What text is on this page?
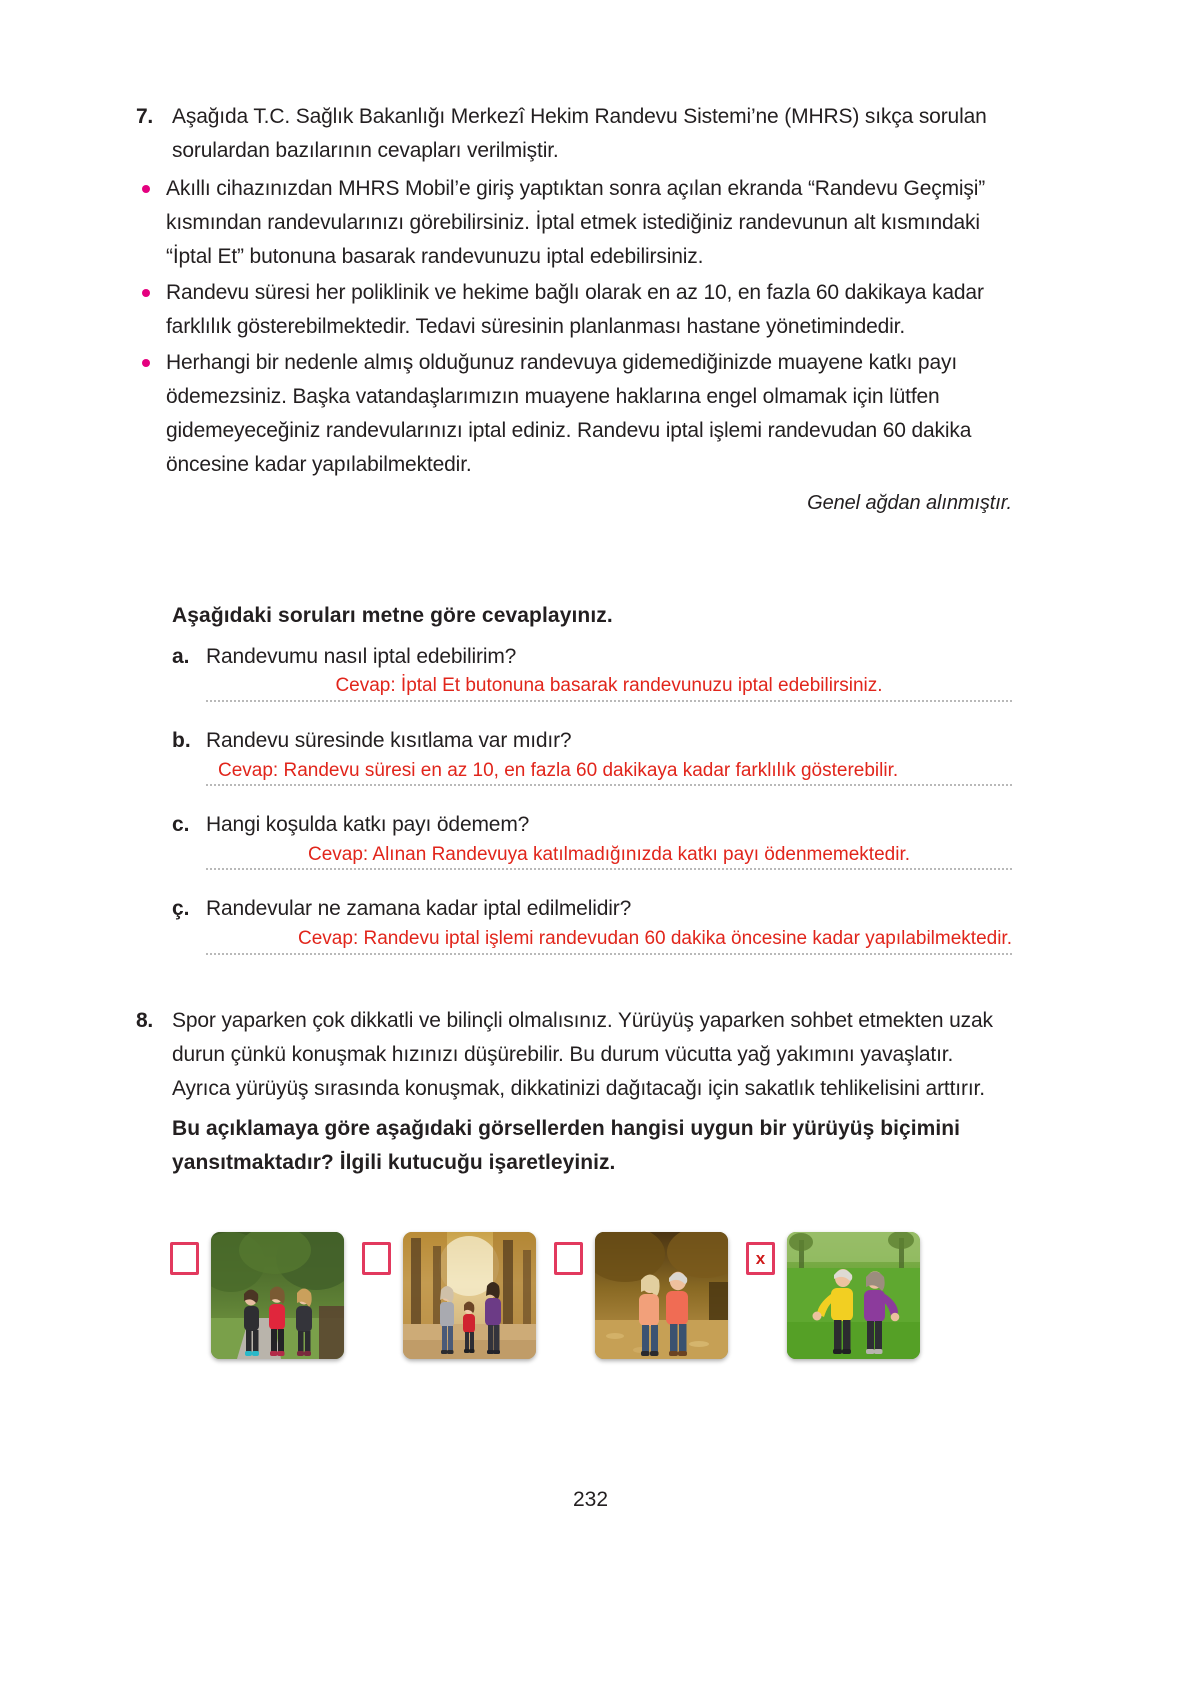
7. Aşağıda T.C. Sağlık Bakanlığı Merkezî Hekim Randevu Sistemi’ne (MHRS) sıkça sorulan sorulardan bazılarının cevapları verilmiştir.
Akıllı cihazınızdan MHRS Mobil’e giriş yaptıktan sonra açılan ekranda “Randevu Geçmişi” kısmından randevularınızı görebilirsiniz. İptal etmek istediğiniz randevunun alt kısmındaki “İptal Et” butonuna basarak randevunuzu iptal edebilirsiniz.
Randevu süresi her poliklinik ve hekime bağlı olarak en az 10, en fazla 60 dakikaya kadar farklılık gösterebilmektedir. Tedavi süresinin planlanması hastane yönetimindedir.
Herhangi bir nedenle almış olduğunuz randevuya gidemediğinizde muayene katkı payı ödemezsiniz. Başka vatandaşlarımızın muayene haklarına engel olmamak için lütfen gidemeyeceğiniz randevularınızı iptal ediniz. Randevu iptal işlemi randevudan 60 dakika öncesine kadar yapılabilmektedir.
Genel ağdan alınmıştır.
Aşağıdaki soruları metne göre cevaplayınız.
a. Randevumu nasıl iptal edebilirim?
Cevap: İptal Et butonuna basarak randevunuzu iptal edebilirsiniz.
b. Randevu süresinde kısıtlama var mıdır?
Cevap: Randevu süresi en az 10, en fazla 60 dakikaya kadar farklılık gösterebilir.
c. Hangi koşulda katkı payı ödemem?
Cevap: Alınan Randevuya katılmadığınızda katkı payı ödenmemektedir.
ç. Randevular ne zamana kadar iptal edilmelidir?
Cevap: Randevu iptal işlemi randevudan 60 dakika öncesine kadar yapılabilmektedir.
8. Spor yaparken çok dikkatli ve bilinçli olmalısınız. Yürüyüş yaparken sohbet etmekten uzak durun çünkü konuşmak hızınızı düşürebilir. Bu durum vücutta yağ yakımını yavaşlatır. Ayrıca yürüyüş sırasında konuşmak, dikkatinizi dağıtacağı için sakatlık tehlikelisini arttırır.
Bu açıklamaya göre aşağıdaki görsellerden hangisi uygun bir yürüyüş biçimini yansıtmaktadır? İlgili kutucuğu işaretleyiniz.
x
232
